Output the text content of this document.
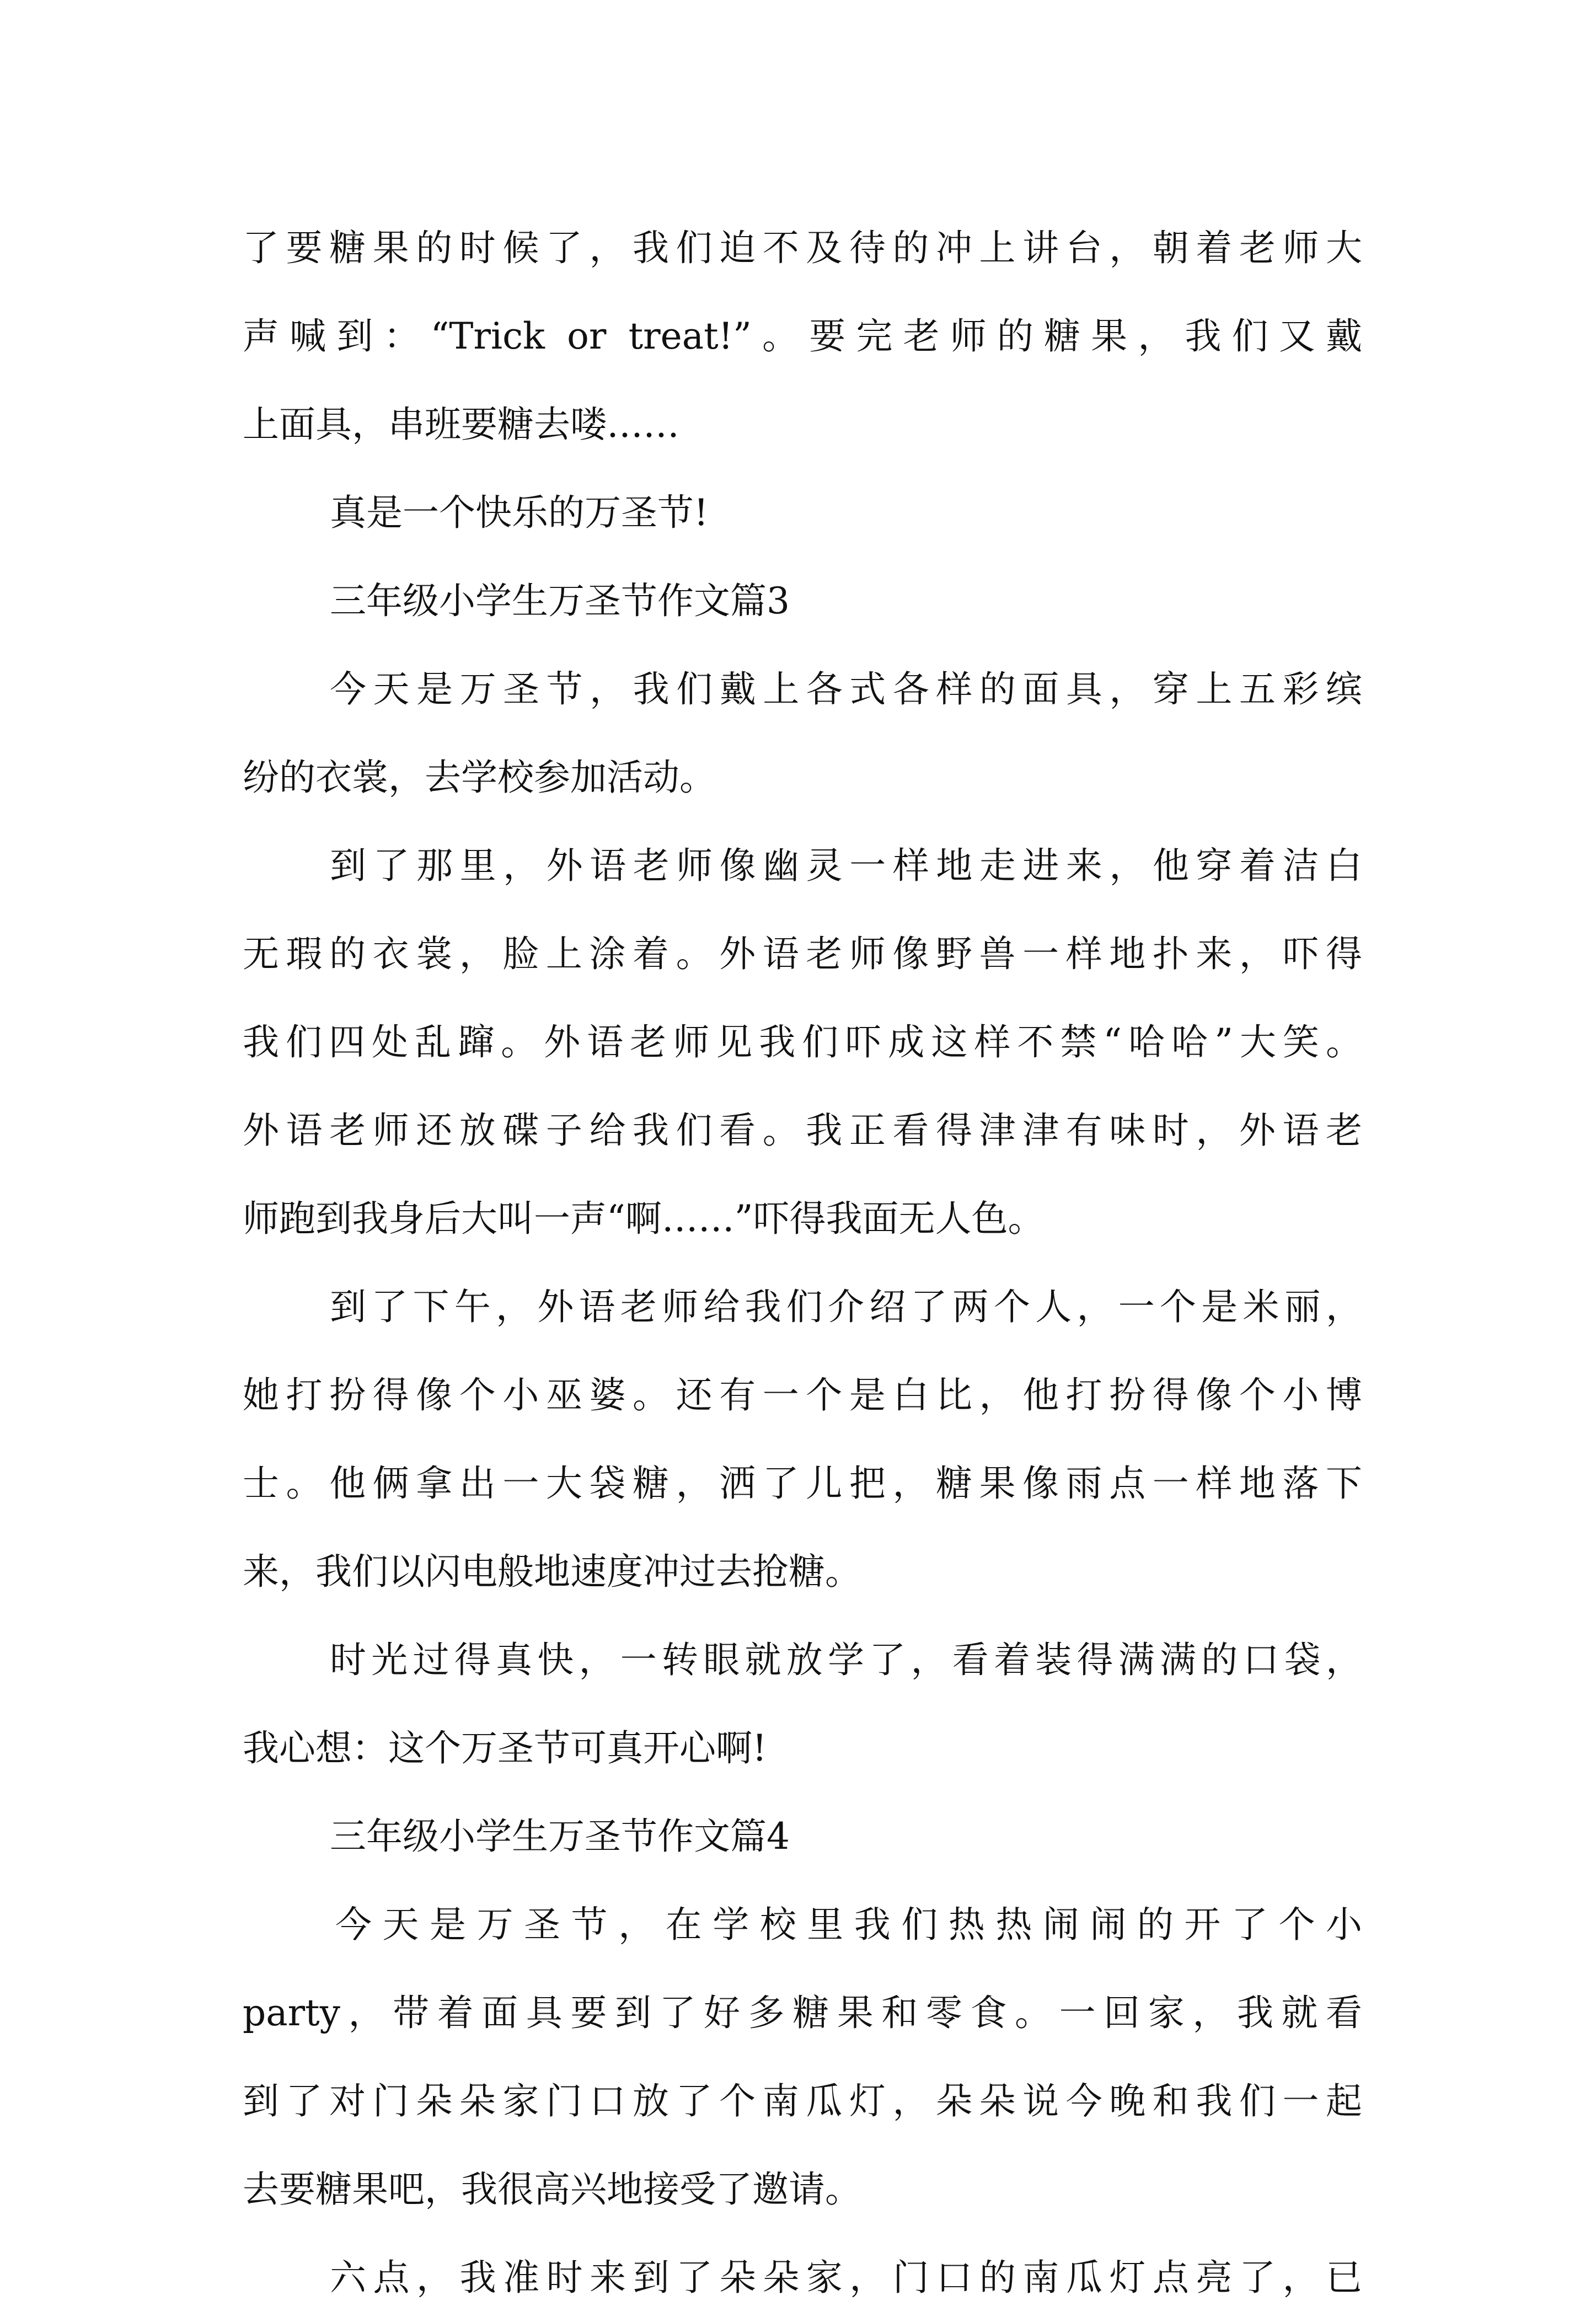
了要糖果的时候了，我们迫不及待的冲上讲台，朝着老师大
声喊到：“Trick or treat!”。要完老师的糖果，我们又戴
上面具，串班要糖去喽……
真是一个快乐的万圣节!
三年级小学生万圣节作文篇3
今天是万圣节，我们戴上各式各样的面具，穿上五彩缤
纷的衣裳，去学校参加活动。
到了那里，外语老师像幽灵一样地走进来，他穿着洁白
无瑕的衣裳，脸上涂着。外语老师像野兽一样地扑来，吓得
我们四处乱蹿。外语老师见我们吓成这样不禁“哈哈”大笑。
外语老师还放碟子给我们看。我正看得津津有味时，外语老
师跑到我身后大叫一声“啊……”吓得我面无人色。
到了下午，外语老师给我们介绍了两个人，一个是米丽，
她打扮得像个小巫婆。还有一个是白比，他打扮得像个小博
士。他俩拿出一大袋糖，洒了儿把，糖果像雨点一样地落下
来，我们以闪电般地速度冲过去抢糖。
时光过得真快，一转眼就放学了，看着装得满满的口袋，
我心想：这个万圣节可真开心啊!
三年级小学生万圣节作文篇4
今天是万圣节，在学校里我们热热闹闹的开了个小
party，带着面具要到了好多糖果和零食。一回家，我就看
到了对门朵朵家门口放了个南瓜灯，朵朵说今晚和我们一起
去要糖果吧，我很高兴地接受了邀请。
六点，我准时来到了朵朵家，门口的南瓜灯点亮了，已
